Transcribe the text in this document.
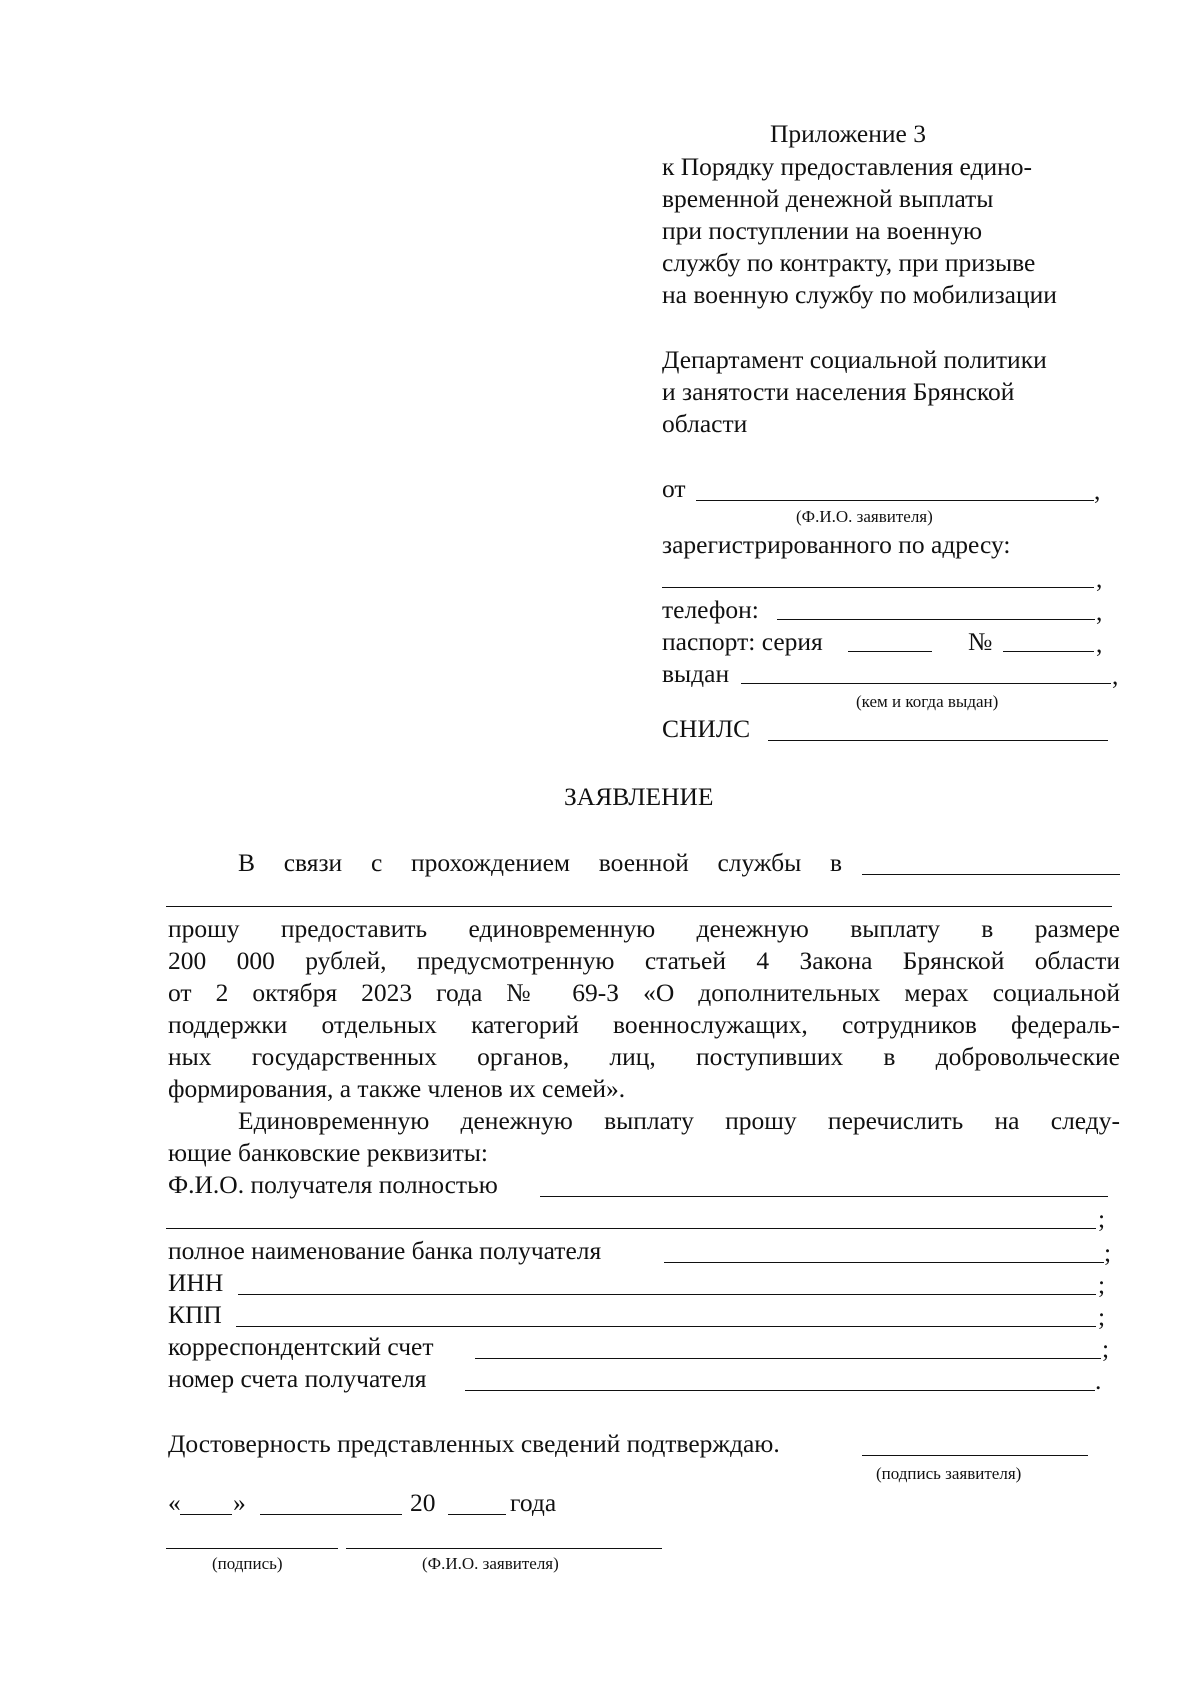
Приложение 3
к Порядку предоставления едино-
временной денежной выплаты
при поступлении на военную
службу по контракту, при призыве
на военную службу по мобилизации
Департамент социальной политики
и занятости населения Брянской
области
от	,
(Ф.И.О. заявителя)
зарегистрированного по адресу:
,
телефон:	,
паспорт: серия	№	,
выдан	,
(кем и когда выдан)
СНИЛС
ЗАЯВЛЕНИЕ
В связи с прохождением военной службы в
прошу предоставить единовременную денежную выплату в размере
200 000 рублей, предусмотренную статьей 4 Закона Брянской области
от 2 октября 2023 года № 69-З «О дополнительных мерах социальной
поддержки отдельных категорий военнослужащих, сотрудников федераль-
ных государственных органов, лиц, поступивших в добровольческие
формирования, а также членов их семей».
Единовременную денежную выплату прошу перечислить на следу-
ющие банковские реквизиты:
Ф.И.О. получателя полностью
;
полное наименование банка получателя	;
ИНН	;
КПП	;
корреспондентский счет	;
номер счета получателя	.
Достоверность представленных сведений подтверждаю.
(подпись заявителя)
« »	20	года
(подпись)	(Ф.И.О. заявителя)
